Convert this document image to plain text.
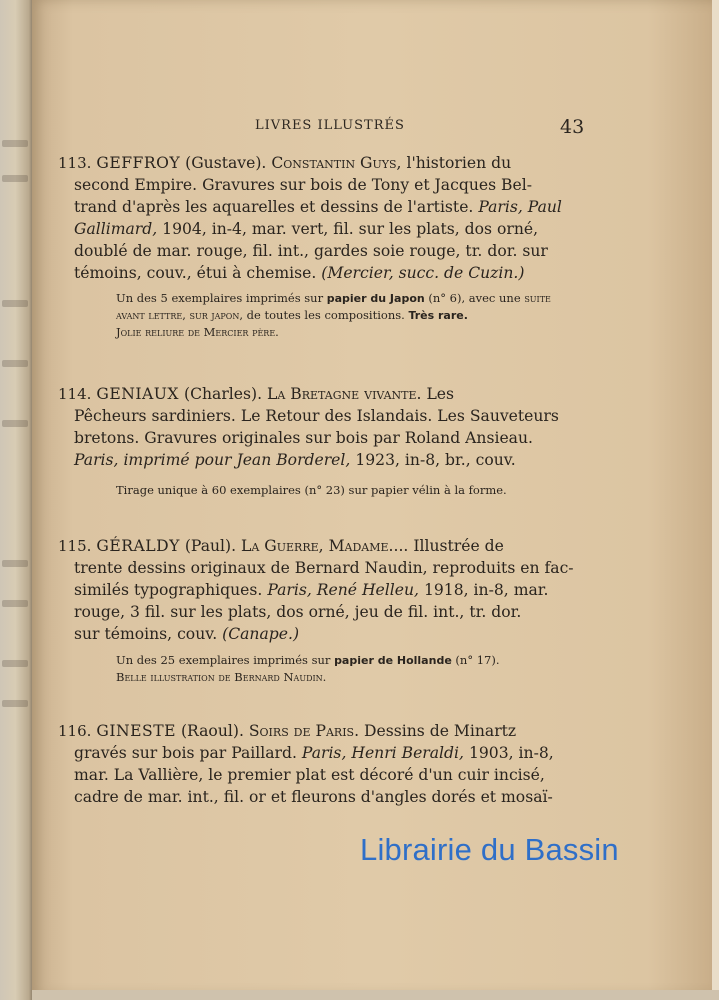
LIVRES ILLUSTRÉS	43
113. GEFFROY (Gustave). Constantin Guys, l'historien du
second Empire. Gravures sur bois de Tony et Jacques Bel-
trand d'après les aquarelles et dessins de l'artiste. Paris, Paul
Gallimard, 1904, in-4, mar. vert, fil. sur les plats, dos orné,
doublé de mar. rouge, fil. int., gardes soie rouge, tr. dor. sur
témoins, couv., étui à chemise. (Mercier, succ. de Cuzin.)
Un des 5 exemplaires imprimés sur papier du Japon (n° 6), avec une suite
avant lettre, sur japon, de toutes les compositions. Très rare.
Jolie reliure de Mercier père.
114. GENIAUX (Charles). La Bretagne vivante. Les
Pêcheurs sardiniers. Le Retour des Islandais. Les Sauveteurs
bretons. Gravures originales sur bois par Roland Ansieau.
Paris, imprimé pour Jean Borderel, 1923, in-8, br., couv.
Tirage unique à 60 exemplaires (n° 23) sur papier vélin à la forme.
115. GÉRALDY (Paul). La Guerre, Madame.... Illustrée de
trente dessins originaux de Bernard Naudin, reproduits en fac-
similés typographiques. Paris, René Helleu, 1918, in-8, mar.
rouge, 3 fil. sur les plats, dos orné, jeu de fil. int., tr. dor.
sur témoins, couv. (Canape.)
Un des 25 exemplaires imprimés sur papier de Hollande (n° 17).
Belle illustration de Bernard Naudin.
116. GINESTE (Raoul). Soirs de Paris. Dessins de Minartz
gravés sur bois par Paillard. Paris, Henri Beraldi, 1903, in-8,
mar. La Vallière, le premier plat est décoré d'un cuir incisé,
cadre de mar. int., fil. or et fleurons d'angles dorés et mosaï-
Librairie du Bassin
